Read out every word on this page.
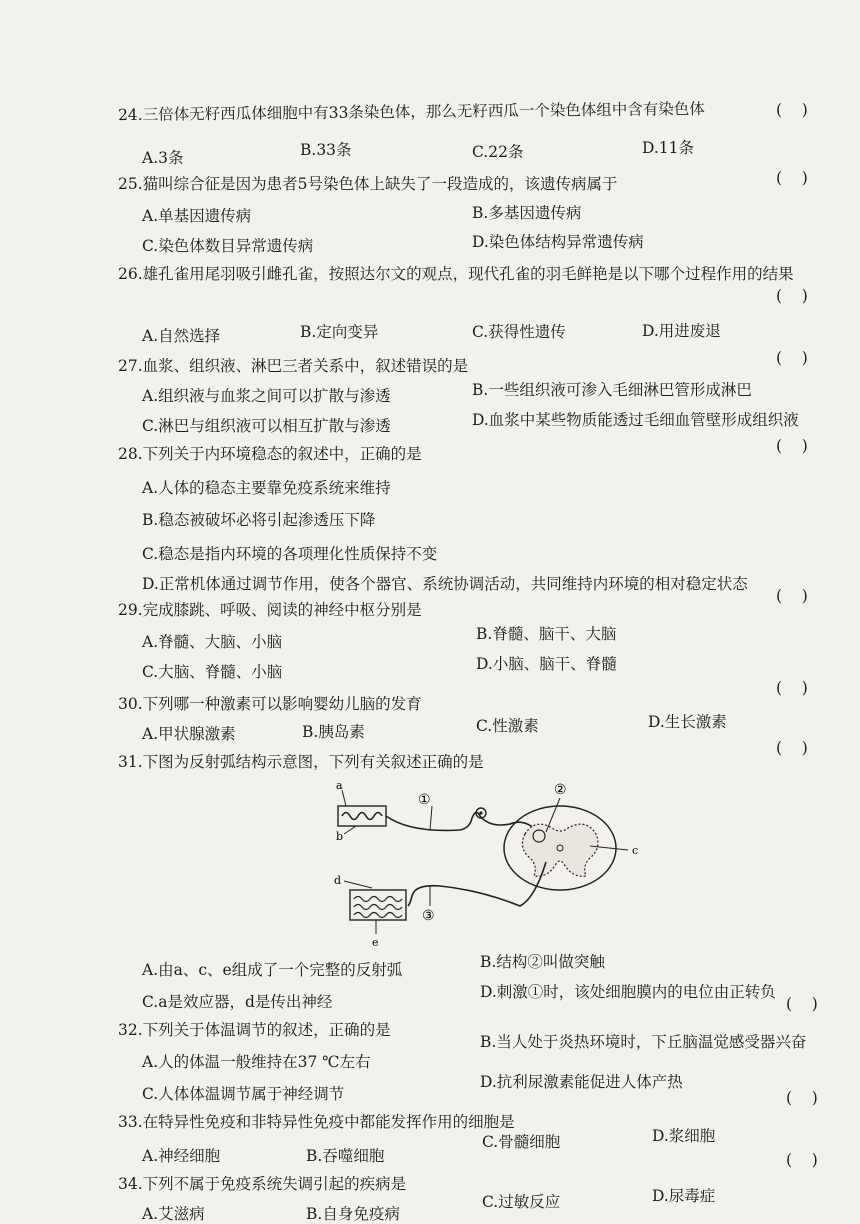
24.三倍体无籽西瓜体细胞中有33条染色体，那么无籽西瓜一个染色体组中含有染色体	(    )
A.3条	B.33条	C.22条	D.11条
25.猫叫综合征是因为患者5号染色体上缺失了一段造成的，该遗传病属于	(    )
A.单基因遗传病	B.多基因遗传病
C.染色体数目异常遗传病	D.染色体结构异常遗传病
26.雄孔雀用尾羽吸引雌孔雀，按照达尔文的观点，现代孔雀的羽毛鲜艳是以下哪个过程作用的结果
(    )
A.自然选择	B.定向变异	C.获得性遗传	D.用进废退
27.血浆、组织液、淋巴三者关系中，叙述错误的是	(    )
A.组织液与血浆之间可以扩散与渗透	B.一些组织液可渗入毛细淋巴管形成淋巴
C.淋巴与组织液可以相互扩散与渗透	D.血浆中某些物质能透过毛细血管壁形成组织液
28.下列关于内环境稳态的叙述中，正确的是	(    )
A.人体的稳态主要靠免疫系统来维持
B.稳态被破坏必将引起渗透压下降
C.稳态是指内环境的各项理化性质保持不变
D.正常机体通过调节作用，使各个器官、系统协调活动，共同维持内环境的相对稳定状态
29.完成膝跳、呼吸、阅读的神经中枢分别是
(    )
A.脊髓、大脑、小脑	B.脊髓、脑干、大脑
C.大脑、脊髓、小脑	D.小脑、脑干、脊髓
30.下列哪一种激素可以影响婴幼儿脑的发育
(    )
A.甲状腺激素	B.胰岛素	C.性激素	D.生长激素
31.下图为反射弧结构示意图，下列有关叙述正确的是
(    )
a
b
①
②
c
③
d
e
A.由a、c、e组成了一个完整的反射弧	B.结构②叫做突触
C.a是效应器，d是传出神经
D.刺激①时，该处细胞膜内的电位由正转负
32.下列关于体温调节的叙述，正确的是
(    )
A.人的体温一般维持在37 ℃左右
B.当人处于炎热环境时，下丘脑温觉感受器兴奋
C.人体体温调节属于神经调节
D.抗利尿激素能促进人体产热
33.在特异性免疫和非特异性免疫中都能发挥作用的细胞是
(    )
A.神经细胞	B.吞噬细胞
C.骨髓细胞	D.浆细胞
34.下列不属于免疫系统失调引起的疾病是
(    )
A.艾滋病	B.自身免疫病
C.过敏反应	D.尿毒症
